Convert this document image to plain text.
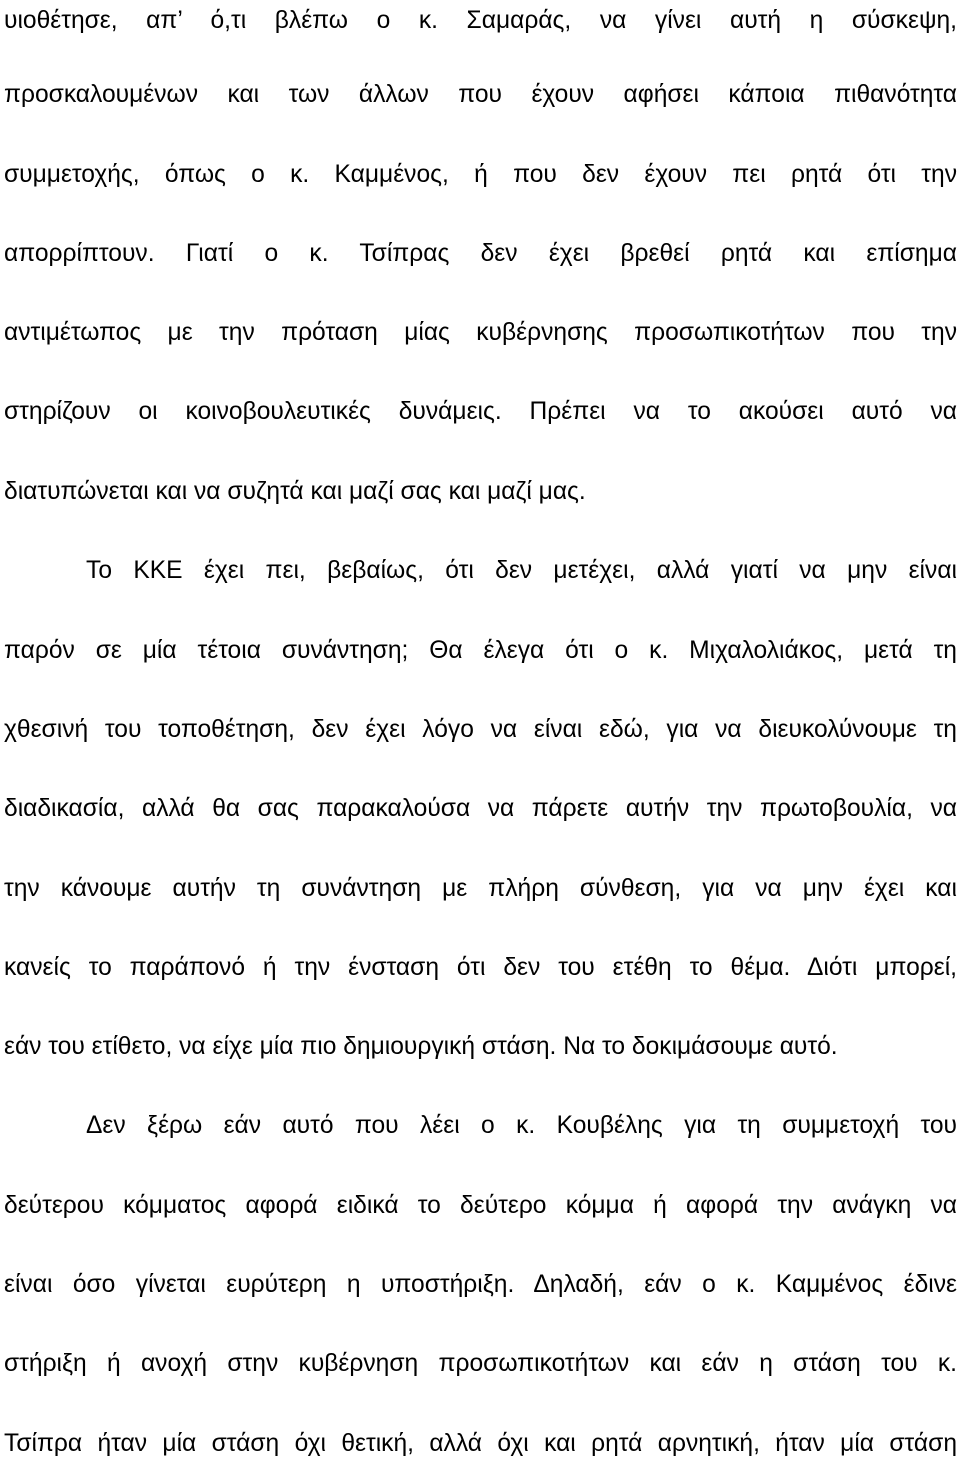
υιοθέτησε, απ’ ό,τι βλέπω ο κ. Σαμαράς, να γίνει αυτή η σύσκεψη,
προσκαλουμένων και των άλλων που έχουν αφήσει κάποια πιθανότητα
συμμετοχής, όπως ο κ. Καμμένος, ή που δεν έχουν πει ρητά ότι την
απορρίπτουν. Γιατί ο κ. Τσίπρας δεν έχει βρεθεί ρητά και επίσημα
αντιμέτωπος με την πρόταση μίας κυβέρνησης προσωπικοτήτων που την
στηρίζουν οι κοινοβουλευτικές δυνάμεις. Πρέπει να το ακούσει αυτό να
διατυπώνεται και να συζητά και μαζί σας και μαζί μας.
Το ΚΚΕ έχει πει, βεβαίως, ότι δεν μετέχει, αλλά γιατί να μην είναι
παρόν σε μία τέτοια συνάντηση; Θα έλεγα ότι ο κ. Μιχαλολιάκος, μετά τη
χθεσινή του τοποθέτηση, δεν έχει λόγο να είναι εδώ, για να διευκολύνουμε τη
διαδικασία, αλλά θα σας παρακαλούσα να πάρετε αυτήν την πρωτοβουλία, να
την κάνουμε αυτήν τη συνάντηση με πλήρη σύνθεση, για να μην έχει και
κανείς το παράπονό ή την ένσταση ότι δεν του ετέθη το θέμα. Διότι μπορεί,
εάν του ετίθετο, να είχε μία πιο δημιουργική στάση. Να το δοκιμάσουμε αυτό.
Δεν ξέρω εάν αυτό που λέει ο κ. Κουβέλης για τη συμμετοχή του
δεύτερου κόμματος αφορά ειδικά το δεύτερο κόμμα ή αφορά την ανάγκη να
είναι όσο γίνεται ευρύτερη η υποστήριξη. Δηλαδή, εάν ο κ. Καμμένος έδινε
στήριξη ή ανοχή στην κυβέρνηση προσωπικοτήτων και εάν η στάση του κ.
Τσίπρα ήταν μία στάση όχι θετική, αλλά όχι και ρητά αρνητική, ήταν μία στάση
